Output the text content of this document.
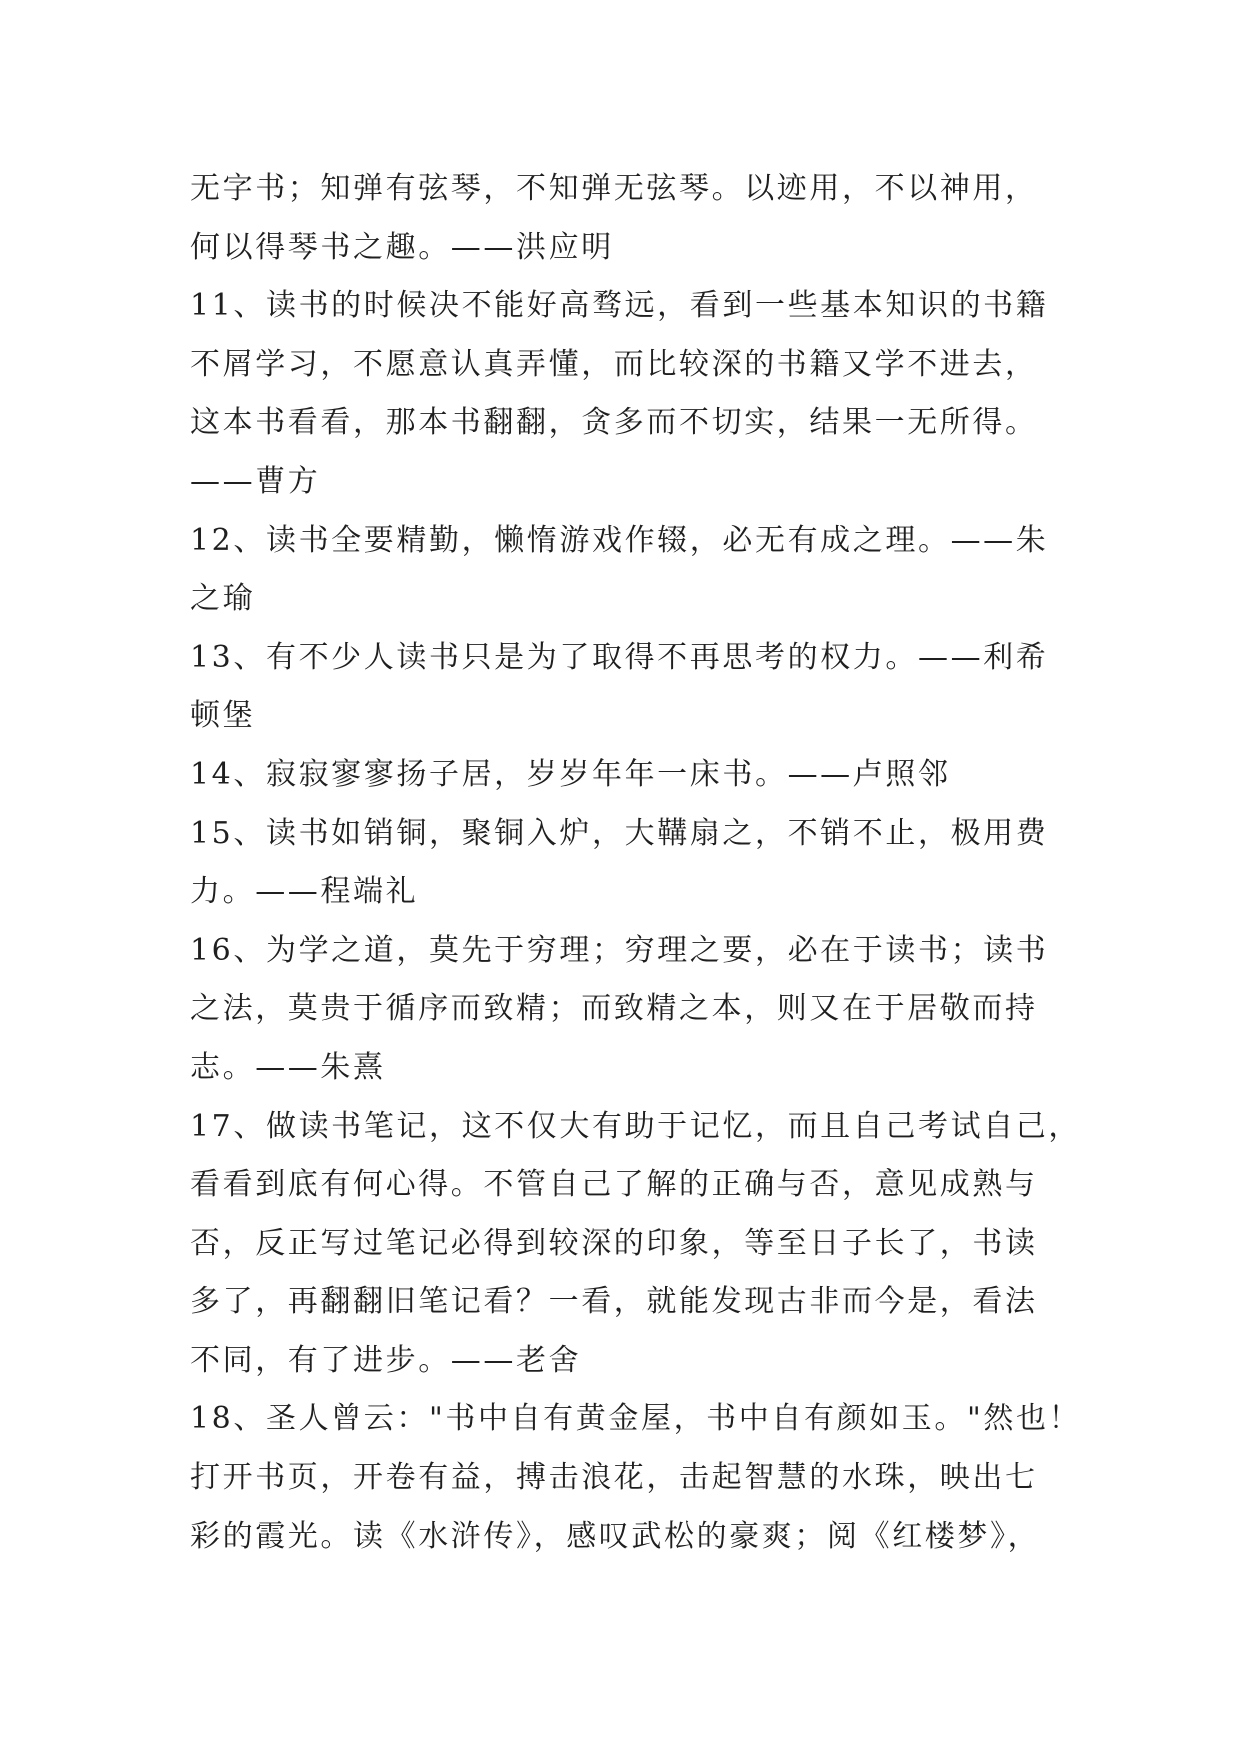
无字书；知弹有弦琴，不知弹无弦琴。以迹用，不以神用，
何以得琴书之趣。——洪应明
11、读书的时候决不能好高骛远，看到一些基本知识的书籍
不屑学习，不愿意认真弄懂，而比较深的书籍又学不进去，
这本书看看，那本书翻翻，贪多而不切实，结果一无所得。
——曹方
12、读书全要精勤，懒惰游戏作辍，必无有成之理。——朱
之瑜
13、有不少人读书只是为了取得不再思考的权力。——利希
顿堡
14、寂寂寥寥扬子居，岁岁年年一床书。——卢照邻
15、读书如销铜，聚铜入炉，大鞲扇之，不销不止，极用费
力。——程端礼
16、为学之道，莫先于穷理；穷理之要，必在于读书；读书
之法，莫贵于循序而致精；而致精之本，则又在于居敬而持
志。——朱熹
17、做读书笔记，这不仅大有助于记忆，而且自己考试自己，
看看到底有何心得。不管自己了解的正确与否，意见成熟与
否，反正写过笔记必得到较深的印象，等至日子长了，书读
多了，再翻翻旧笔记看？一看，就能发现古非而今是，看法
不同，有了进步。——老舍
18、圣人曾云："书中自有黄金屋，书中自有颜如玉。"然也！
打开书页，开卷有益，搏击浪花，击起智慧的水珠，映出七
彩的霞光。读《水浒传》，感叹武松的豪爽；阅《红楼梦》，
